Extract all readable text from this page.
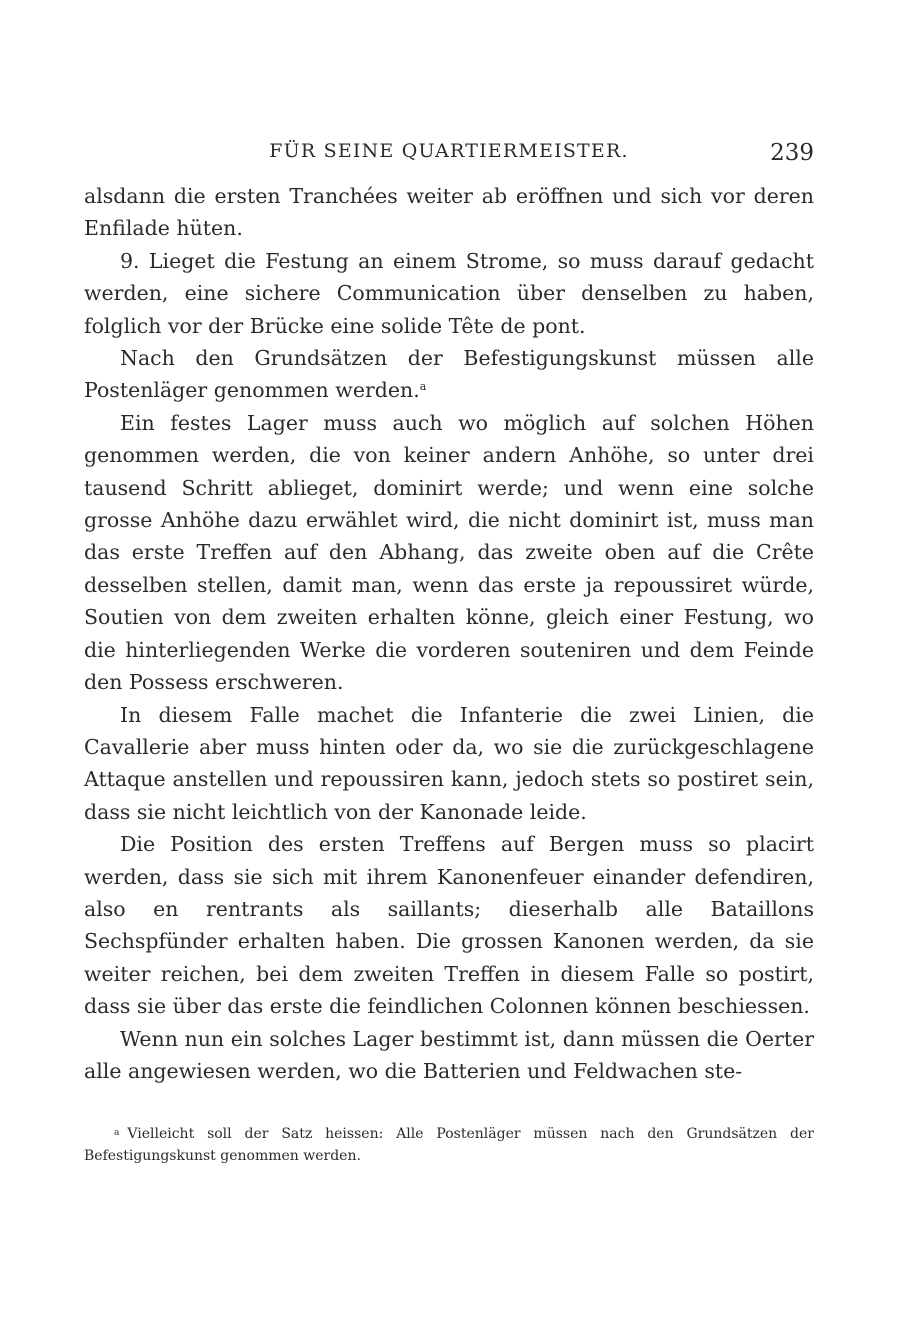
FÜR SEINE QUARTIERMEISTER.	239

alsdann die ersten Tranchées weiter ab eröffnen und sich vor deren Enfilade hüten.

9. Lieget die Festung an einem Strome, so muss darauf gedacht werden, eine sichere Communication über denselben zu haben, folglich vor der Brücke eine solide Tête de pont.

Nach den Grundsätzen der Befestigungskunst müssen alle Postenläger genommen werden.$^a$

Ein festes Lager muss auch wo möglich auf solchen Höhen genommen werden, die von keiner andern Anhöhe, so unter drei tausend Schritt ablieget, dominirt werde; und wenn eine solche grosse Anhöhe dazu erwählet wird, die nicht dominirt ist, muss man das erste Treffen auf den Abhang, das zweite oben auf die Crête desselben stellen, damit man, wenn das erste ja repoussiret würde, Soutien von dem zweiten erhalten könne, gleich einer Festung, wo die hinterliegenden Werke die vorderen souteniren und dem Feinde den Possess erschweren.

In diesem Falle machet die Infanterie die zwei Linien, die Cavallerie aber muss hinten oder da, wo sie die zurückgeschlagene Attaque anstellen und repoussiren kann, jedoch stets so postiret sein, dass sie nicht leichtlich von der Kanonade leide.

Die Position des ersten Treffens auf Bergen muss so placirt werden, dass sie sich mit ihrem Kanonenfeuer einander defendiren, also en rentrants als saillants; dieserhalb alle Bataillons Sechspfünder erhalten haben. Die grossen Kanonen werden, da sie weiter reichen, bei dem zweiten Treffen in diesem Falle so postirt, dass sie über das erste die feindlichen Colonnen können beschiessen.

Wenn nun ein solches Lager bestimmt ist, dann müssen die Oerter alle angewiesen werden, wo die Batterien und Feldwachen ste-

$^a$ Vielleicht soll der Satz heissen: Alle Postenläger müssen nach den Grundsätzen der Befestigungskunst genommen werden.
